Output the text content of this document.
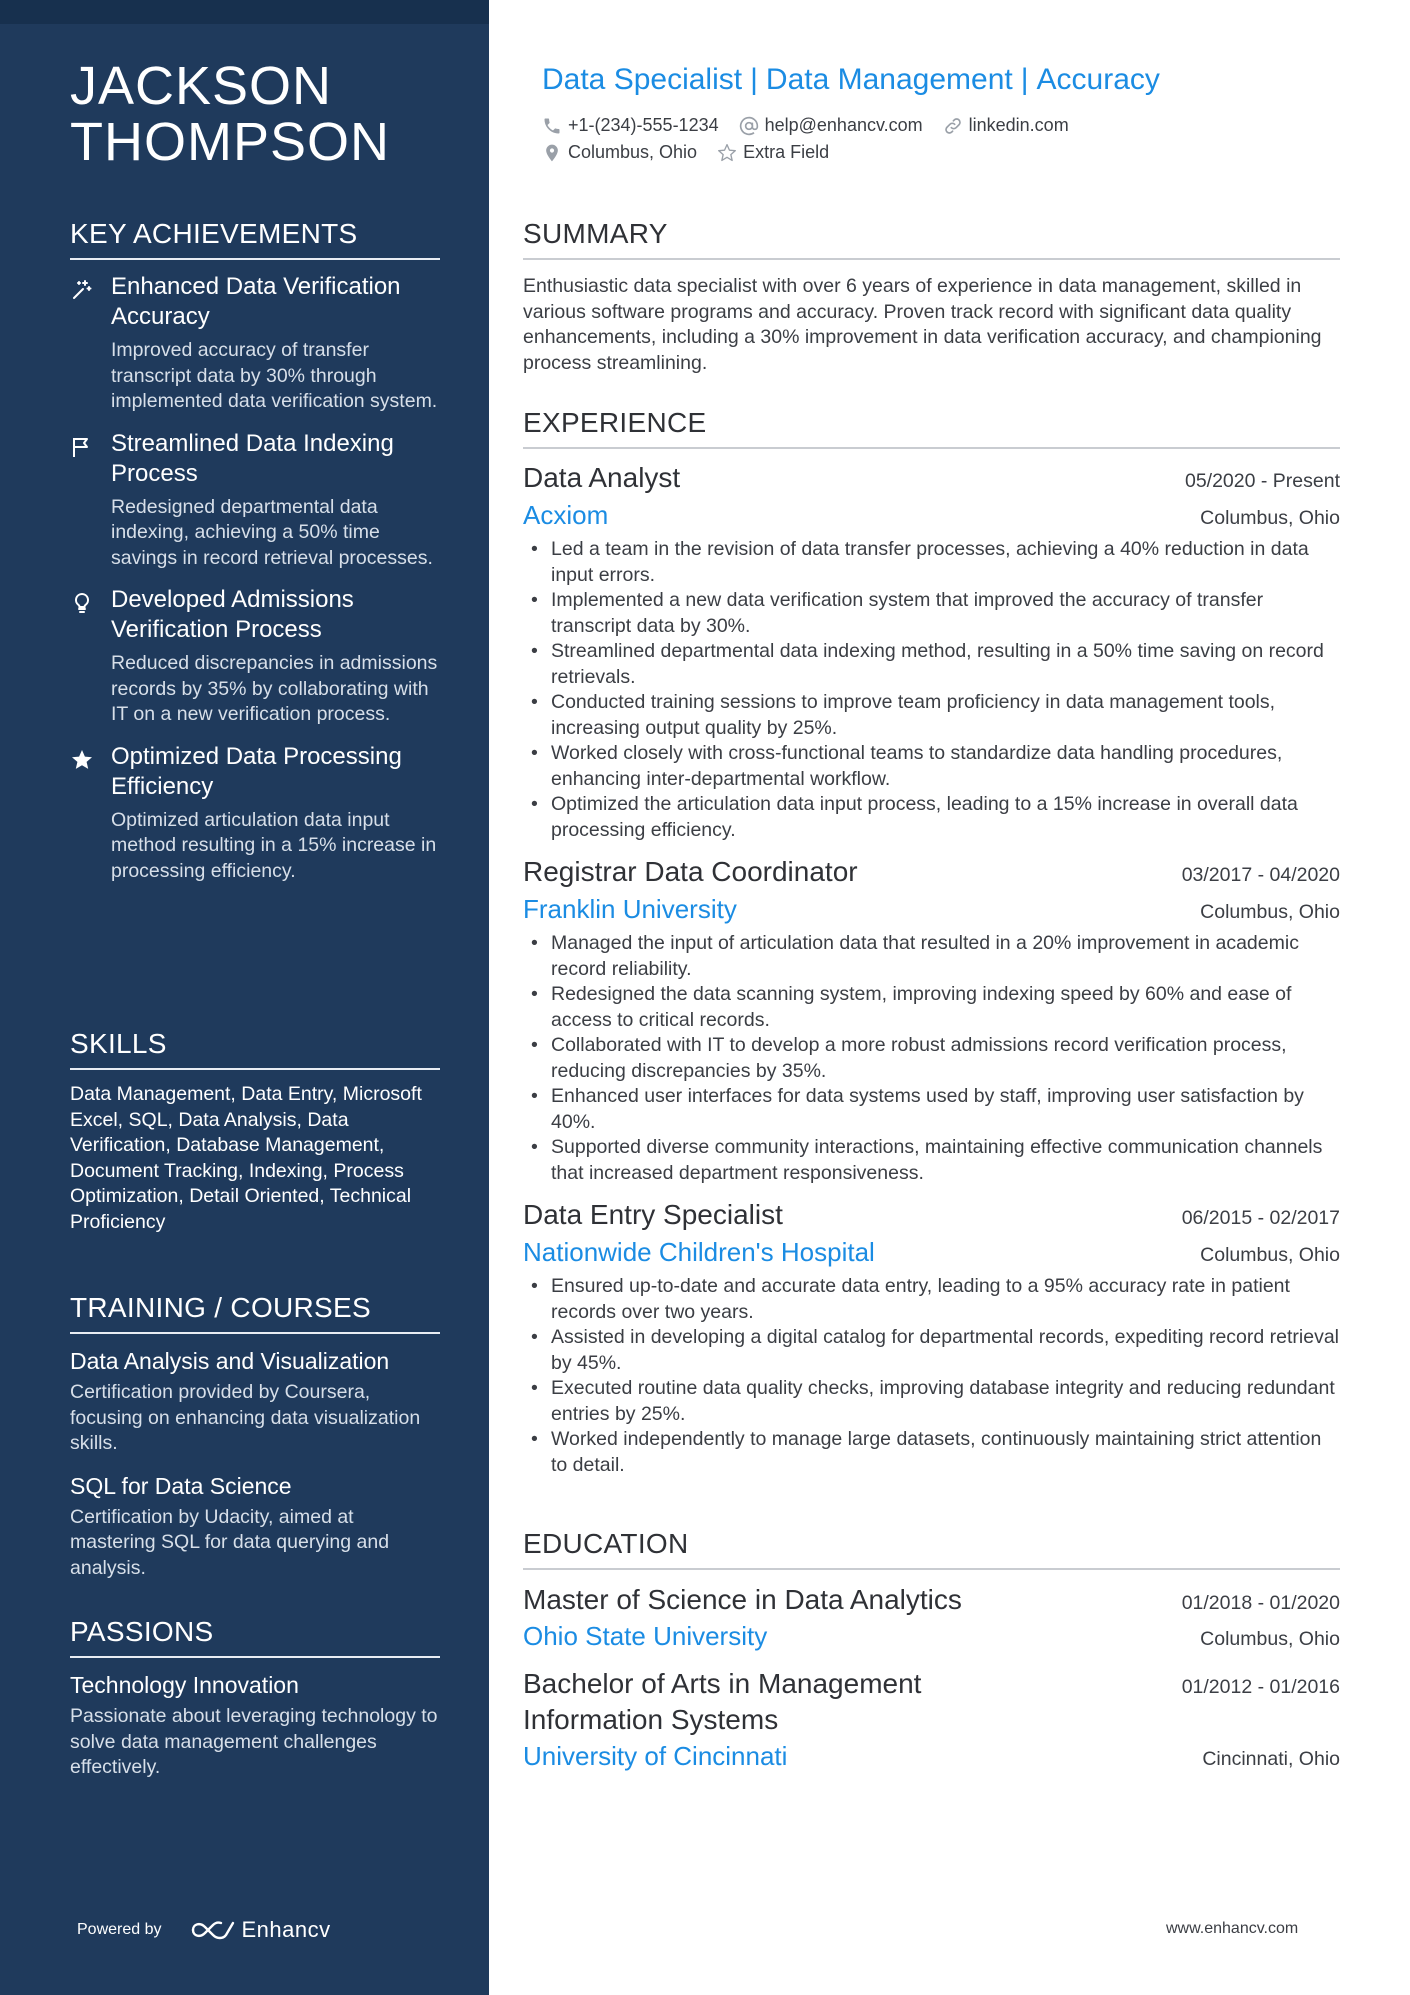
JACKSON
THOMPSON
KEY ACHIEVEMENTS
Enhanced Data Verification Accuracy
Improved accuracy of transfer transcript data by 30% through implemented data verification system.
Streamlined Data Indexing Process
Redesigned departmental data indexing, achieving a 50% time savings in record retrieval processes.
Developed Admissions Verification Process
Reduced discrepancies in admissions records by 35% by collaborating with IT on a new verification process.
Optimized Data Processing Efficiency
Optimized articulation data input method resulting in a 15% increase in processing efficiency.
SKILLS
Data Management, Data Entry, Microsoft Excel, SQL, Data Analysis, Data Verification, Database Management, Document Tracking, Indexing, Process Optimization, Detail Oriented, Technical Proficiency
TRAINING / COURSES
Data Analysis and Visualization
Certification provided by Coursera, focusing on enhancing data visualization skills.
SQL for Data Science
Certification by Udacity, aimed at mastering SQL for data querying and analysis.
PASSIONS
Technology Innovation
Passionate about leveraging technology to solve data management challenges effectively.
Powered by	Enhancv
Data Specialist | Data Management | Accuracy
+1-(234)-555-1234	help@enhancv.com	linkedin.com
Columbus, Ohio	Extra Field
SUMMARY
Enthusiastic data specialist with over 6 years of experience in data management, skilled in various software programs and accuracy. Proven track record with significant data quality enhancements, including a 30% improvement in data verification accuracy, and championing process streamlining.
EXPERIENCE
Data Analyst	05/2020 - Present
Acxiom	Columbus, Ohio
• Led a team in the revision of data transfer processes, achieving a 40% reduction in data input errors.
• Implemented a new data verification system that improved the accuracy of transfer transcript data by 30%.
• Streamlined departmental data indexing method, resulting in a 50% time saving on record retrievals.
• Conducted training sessions to improve team proficiency in data management tools, increasing output quality by 25%.
• Worked closely with cross-functional teams to standardize data handling procedures, enhancing inter-departmental workflow.
• Optimized the articulation data input process, leading to a 15% increase in overall data processing efficiency.
Registrar Data Coordinator	03/2017 - 04/2020
Franklin University	Columbus, Ohio
• Managed the input of articulation data that resulted in a 20% improvement in academic record reliability.
• Redesigned the data scanning system, improving indexing speed by 60% and ease of access to critical records.
• Collaborated with IT to develop a more robust admissions record verification process, reducing discrepancies by 35%.
• Enhanced user interfaces for data systems used by staff, improving user satisfaction by 40%.
• Supported diverse community interactions, maintaining effective communication channels that increased department responsiveness.
Data Entry Specialist	06/2015 - 02/2017
Nationwide Children's Hospital	Columbus, Ohio
• Ensured up-to-date and accurate data entry, leading to a 95% accuracy rate in patient records over two years.
• Assisted in developing a digital catalog for departmental records, expediting record retrieval by 45%.
• Executed routine data quality checks, improving database integrity and reducing redundant entries by 25%.
• Worked independently to manage large datasets, continuously maintaining strict attention to detail.
EDUCATION
Master of Science in Data Analytics	01/2018 - 01/2020
Ohio State University	Columbus, Ohio
Bachelor of Arts in Management Information Systems
01/2012 - 01/2016
University of Cincinnati	Cincinnati, Ohio
www.enhancv.com
